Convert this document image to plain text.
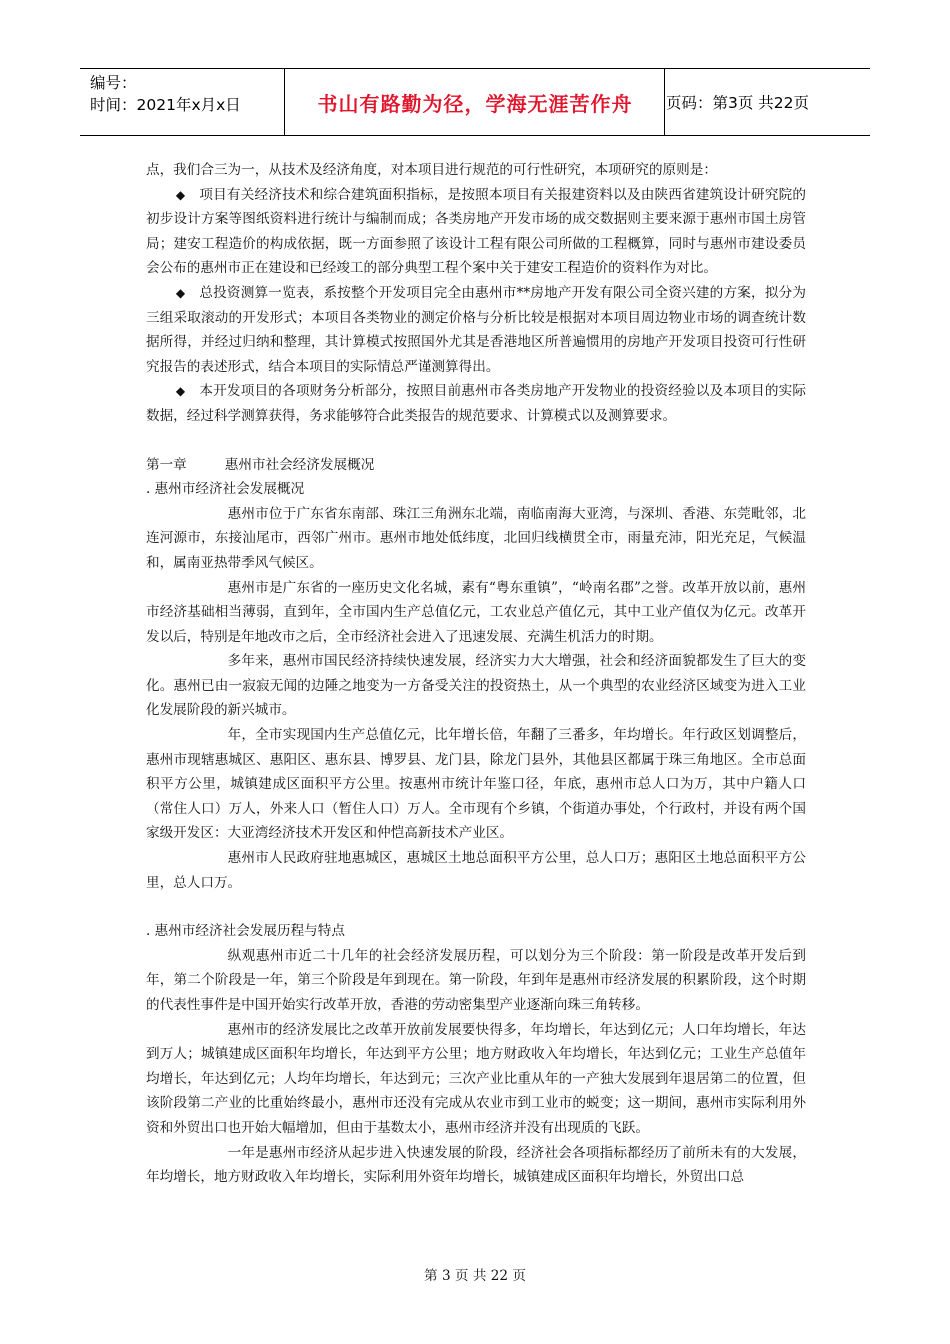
编号：
时间：2021年x月x日	书山有路勤为径，学海无涯苦作舟	页码：第3页 共22页

点，我们合三为一，从技术及经济角度，对本项目进行规范的可行性研究，本项研究的原则是：

◆ 项目有关经济技术和综合建筑面积指标，是按照本项目有关报建资料以及由陕西省建筑设计研究院的初步设计方案等图纸资料进行统计与编制而成；各类房地产开发市场的成交数据则主要来源于惠州市国土房管局；建安工程造价的构成依据，既一方面参照了该设计工程有限公司所做的工程概算，同时与惠州市建设委员会公布的惠州市正在建设和已经竣工的部分典型工程个案中关于建安工程造价的资料作为对比。

◆ 总投资测算一览表，系按整个开发项目完全由惠州市**房地产开发有限公司全资兴建的方案，拟分为三组采取滚动的开发形式；本项目各类物业的测定价格与分析比较是根据对本项目周边物业市场的调查统计数据所得，并经过归纳和整理，其计算模式按照国外尤其是香港地区所普遍惯用的房地产开发项目投资可行性研究报告的表述形式，结合本项目的实际情总严谨测算得出。

◆ 本开发项目的各项财务分析部分，按照目前惠州市各类房地产开发物业的投资经验以及本项目的实际数据，经过科学测算获得，务求能够符合此类报告的规范要求、计算模式以及测算要求。

第一章	惠州市社会经济发展概况

. 惠州市经济社会发展概况

惠州市位于广东省东南部、珠江三角洲东北端，南临南海大亚湾，与深圳、香港、东莞毗邻，北连河源市，东接汕尾市，西邻广州市。惠州市地处低纬度，北回归线横贯全市，雨量充沛，阳光充足，气候温和，属南亚热带季风气候区。

惠州市是广东省的一座历史文化名城，素有“粤东重镇”，“岭南名郡”之誉。改革开放以前，惠州市经济基础相当薄弱，直到年，全市国内生产总值亿元，工农业总产值亿元，其中工业产值仅为亿元。改革开发以后，特别是年地改市之后，全市经济社会进入了迅速发展、充满生机活力的时期。

多年来，惠州市国民经济持续快速发展，经济实力大大增强，社会和经济面貌都发生了巨大的变化。惠州已由一寂寂无闻的边陲之地变为一方备受关注的投资热土，从一个典型的农业经济区域变为进入工业化发展阶段的新兴城市。

年，全市实现国内生产总值亿元，比年增长倍，年翻了三番多，年均增长。年行政区划调整后，惠州市现辖惠城区、惠阳区、惠东县、博罗县、龙门县，除龙门县外，其他县区都属于珠三角地区。全市总面积平方公里，城镇建成区面积平方公里。按惠州市统计年鉴口径，年底，惠州市总人口为万，其中户籍人口（常住人口）万人，外来人口（暂住人口）万人。全市现有个乡镇，个街道办事处，个行政村，并设有两个国家级开发区：大亚湾经济技术开发区和仲恺高新技术产业区。

惠州市人民政府驻地惠城区，惠城区土地总面积平方公里，总人口万；惠阳区土地总面积平方公里，总人口万。

. 惠州市经济社会发展历程与特点

纵观惠州市近二十几年的社会经济发展历程，可以划分为三个阶段：第一阶段是改革开发后到年，第二个阶段是一年，第三个阶段是年到现在。第一阶段，年到年是惠州市经济发展的积累阶段，这个时期的代表性事件是中国开始实行改革开放，香港的劳动密集型产业逐渐向珠三角转移。

惠州市的经济发展比之改革开放前发展要快得多，年均增长，年达到亿元；人口年均增长，年达到万人；城镇建成区面积年均增长，年达到平方公里；地方财政收入年均增长，年达到亿元；工业生产总值年均增长，年达到亿元；人均年均增长，年达到元；三次产业比重从年的一产独大发展到年退居第二的位置，但该阶段第二产业的比重始终最小，惠州市还没有完成从农业市到工业市的蜕变；这一期间，惠州市实际利用外资和外贸出口也开始大幅增加，但由于基数太小，惠州市经济并没有出现质的飞跃。

一年是惠州市经济从起步进入快速发展的阶段，经济社会各项指标都经历了前所未有的大发展，年均增长，地方财政收入年均增长，实际利用外资年均增长，城镇建成区面积年均增长，外贸出口总

第 3 页 共 22 页
